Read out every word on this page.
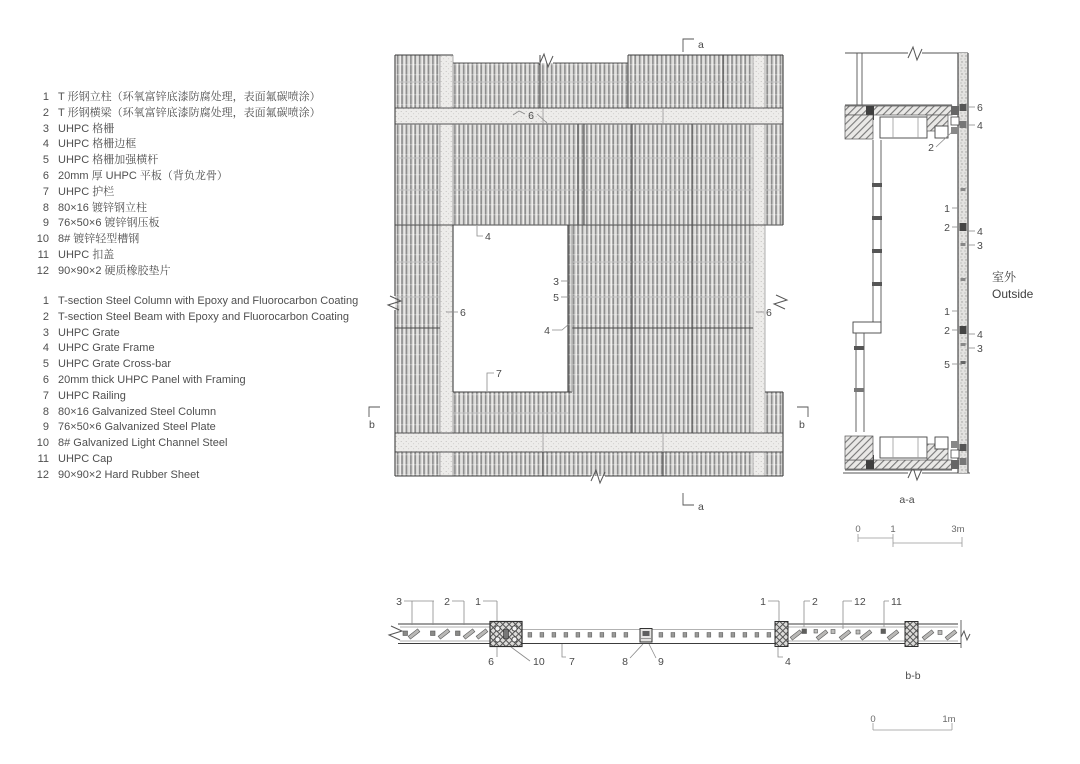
1 T 形钢立柱（环氧富锌底漆防腐处理，表面氟碳喷涂）
2 T 形钢横梁（环氧富锌底漆防腐处理，表面氟碳喷涂）
3 UHPC 格栅
4 UHPC 格栅边框
5 UHPC 格栅加强横杆
6 20mm 厚 UHPC 平板（背负龙骨）
7 UHPC 护栏
8 80×16 镀锌钢立柱
9 76×50×6 镀锌钢压板
10 8# 镀锌轻型槽钢
11 UHPC 扣盖
12 90×90×2 硬质橡胶垫片
1 T-section Steel Column with Epoxy and Fluorocarbon Coating
2 T-section Steel Beam with Epoxy and Fluorocarbon Coating
3 UHPC Grate
4 UHPC Grate Frame
5 UHPC Grate Cross-bar
6 20mm thick UHPC Panel with Framing
7 UHPC Railing
8 80×16 Galvanized Steel Column
9 76×50×6 Galvanized Steel Plate
10 8# Galvanized Light Channel Steel
11 UHPC Cap
12 90×90×2 Hard Rubber Sheet
6
4
3
5
4
6	6
7
a
a
b	b
6
4
2
1
2	4
3
室外
Outside
1
2	4
3
5
a-a
0	1	3m
3	2 1	1	2	12 11
6	10 7	8	9	4
b-b
0	1m
